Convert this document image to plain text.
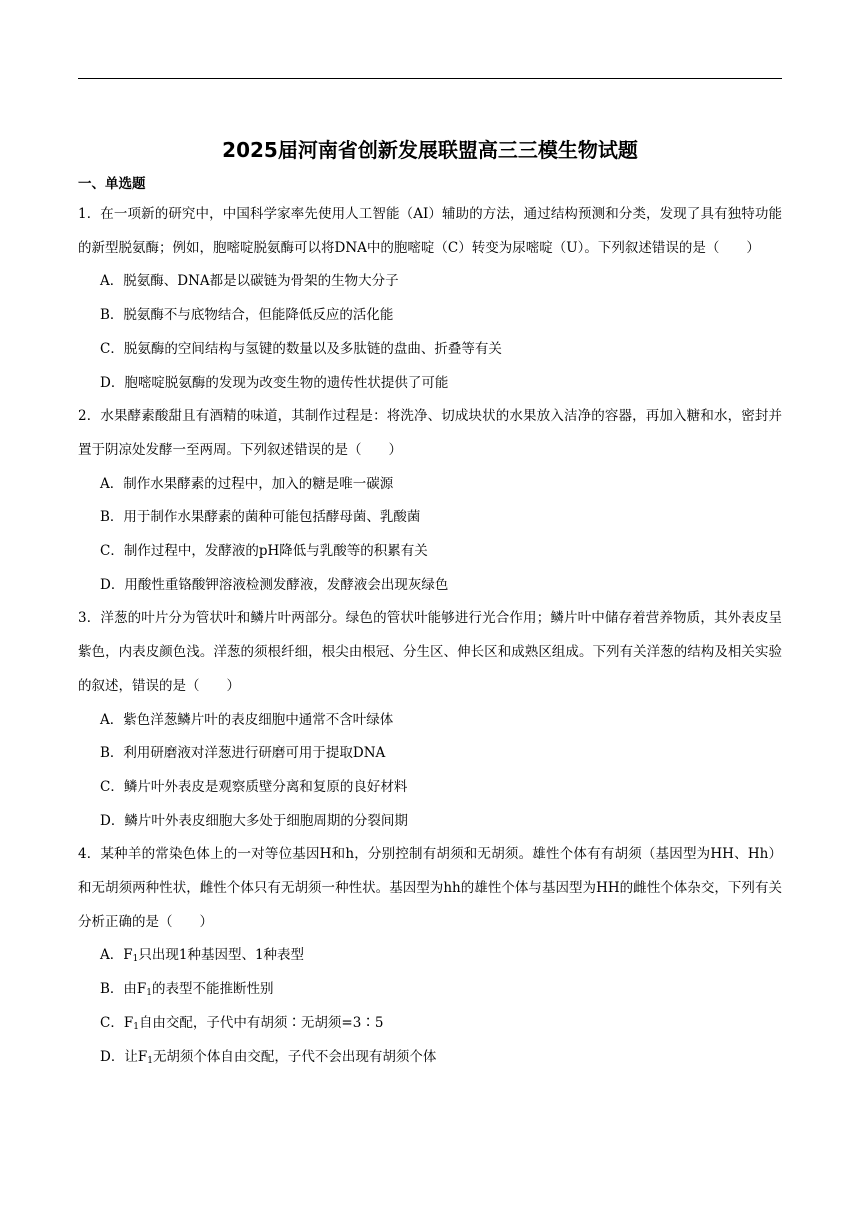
2025届河南省创新发展联盟高三三模生物试题
一、单选题

1．在一项新的研究中，中国科学家率先使用人工智能（AI）辅助的方法，通过结构预测和分类，发现了具有独特功能的新型脱氨酶；例如，胞嘧啶脱氨酶可以将DNA中的胞嘧啶（C）转变为尿嘧啶（U）。下列叙述错误的是（　　）

A．脱氨酶、DNA都是以碳链为骨架的生物大分子

B．脱氨酶不与底物结合，但能降低反应的活化能

C．脱氨酶的空间结构与氢键的数量以及多肽链的盘曲、折叠等有关

D．胞嘧啶脱氨酶的发现为改变生物的遗传性状提供了可能

2．水果酵素酸甜且有酒精的味道，其制作过程是：将洗净、切成块状的水果放入洁净的容器，再加入糖和水，密封并置于阴凉处发酵一至两周。下列叙述错误的是（　　）

A．制作水果酵素的过程中，加入的糖是唯一碳源

B．用于制作水果酵素的菌种可能包括酵母菌、乳酸菌

C．制作过程中，发酵液的pH降低与乳酸等的积累有关

D．用酸性重铬酸钾溶液检测发酵液，发酵液会出现灰绿色

3．洋葱的叶片分为管状叶和鳞片叶两部分。绿色的管状叶能够进行光合作用；鳞片叶中储存着营养物质，其外表皮呈紫色，内表皮颜色浅。洋葱的须根纤细，根尖由根冠、分生区、伸长区和成熟区组成。下列有关洋葱的结构及相关实验的叙述，错误的是（　　）

A．紫色洋葱鳞片叶的表皮细胞中通常不含叶绿体

B．利用研磨液对洋葱进行研磨可用于提取DNA

C．鳞片叶外表皮是观察质壁分离和复原的良好材料

D．鳞片叶外表皮细胞大多处于细胞周期的分裂间期

4．某种羊的常染色体上的一对等位基因H和h，分别控制有胡须和无胡须。雄性个体有有胡须（基因型为HH、Hh）和无胡须两种性状，雌性个体只有无胡须一种性状。基因型为hh的雄性个体与基因型为HH的雌性个体杂交，下列有关分析正确的是（　　）

A．$F_1$只出现1种基因型、1种表型

B．由$F_1$的表型不能推断性别

C．$F_1$自由交配，子代中有胡须∶无胡须=3∶5

D．让$F_1$无胡须个体自由交配，子代不会出现有胡须个体
